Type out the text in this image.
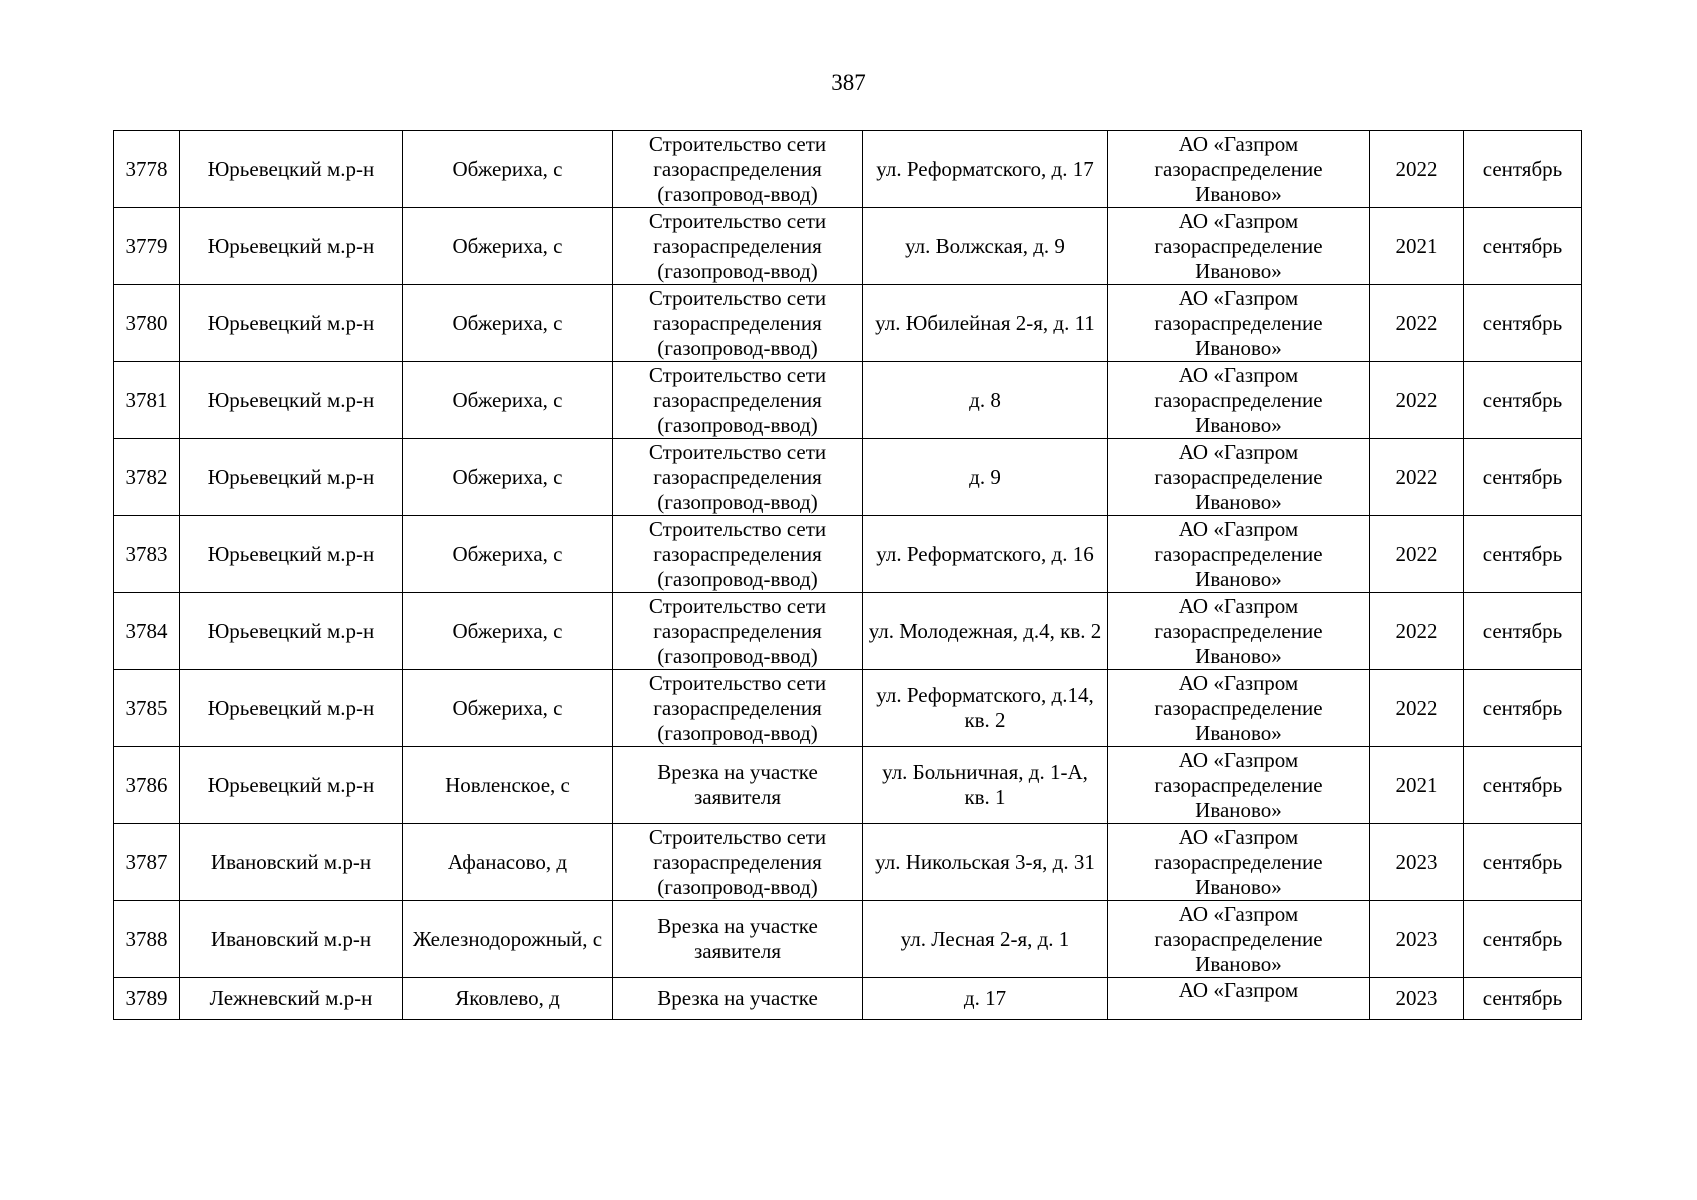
387
3778	Юрьевецкий м.р-н	Обжериха, с	Строительство сети газораспределения (газопровод-ввод)	ул. Реформатского, д. 17	АО «Газпром газораспределение Иваново»	2022	сентябрь
3779	Юрьевецкий м.р-н	Обжериха, с	Строительство сети газораспределения (газопровод-ввод)	ул. Волжская, д. 9	АО «Газпром газораспределение Иваново»	2021	сентябрь
3780	Юрьевецкий м.р-н	Обжериха, с	Строительство сети газораспределения (газопровод-ввод)	ул. Юбилейная 2-я, д. 11	АО «Газпром газораспределение Иваново»	2022	сентябрь
3781	Юрьевецкий м.р-н	Обжериха, с	Строительство сети газораспределения (газопровод-ввод)	д. 8	АО «Газпром газораспределение Иваново»	2022	сентябрь
3782	Юрьевецкий м.р-н	Обжериха, с	Строительство сети газораспределения (газопровод-ввод)	д. 9	АО «Газпром газораспределение Иваново»	2022	сентябрь
3783	Юрьевецкий м.р-н	Обжериха, с	Строительство сети газораспределения (газопровод-ввод)	ул. Реформатского, д. 16	АО «Газпром газораспределение Иваново»	2022	сентябрь
3784	Юрьевецкий м.р-н	Обжериха, с	Строительство сети газораспределения (газопровод-ввод)	ул. Молодежная, д.4, кв. 2	АО «Газпром газораспределение Иваново»	2022	сентябрь
3785	Юрьевецкий м.р-н	Обжериха, с	Строительство сети газораспределения (газопровод-ввод)	ул. Реформатского, д.14, кв. 2	АО «Газпром газораспределение Иваново»	2022	сентябрь
3786	Юрьевецкий м.р-н	Новленское, с	Врезка на участке заявителя	ул. Больничная, д. 1-А, кв. 1	АО «Газпром газораспределение Иваново»	2021	сентябрь
3787	Ивановский м.р-н	Афанасово, д	Строительство сети газораспределения (газопровод-ввод)	ул. Никольская 3-я, д. 31	АО «Газпром газораспределение Иваново»	2023	сентябрь
3788	Ивановский м.р-н	Железнодорожный, с	Врезка на участке заявителя	ул. Лесная 2-я, д. 1	АО «Газпром газораспределение Иваново»	2023	сентябрь
3789	Лежневский м.р-н	Яковлево, д	Врезка на участке	д. 17	АО «Газпром	2023	сентябрь
